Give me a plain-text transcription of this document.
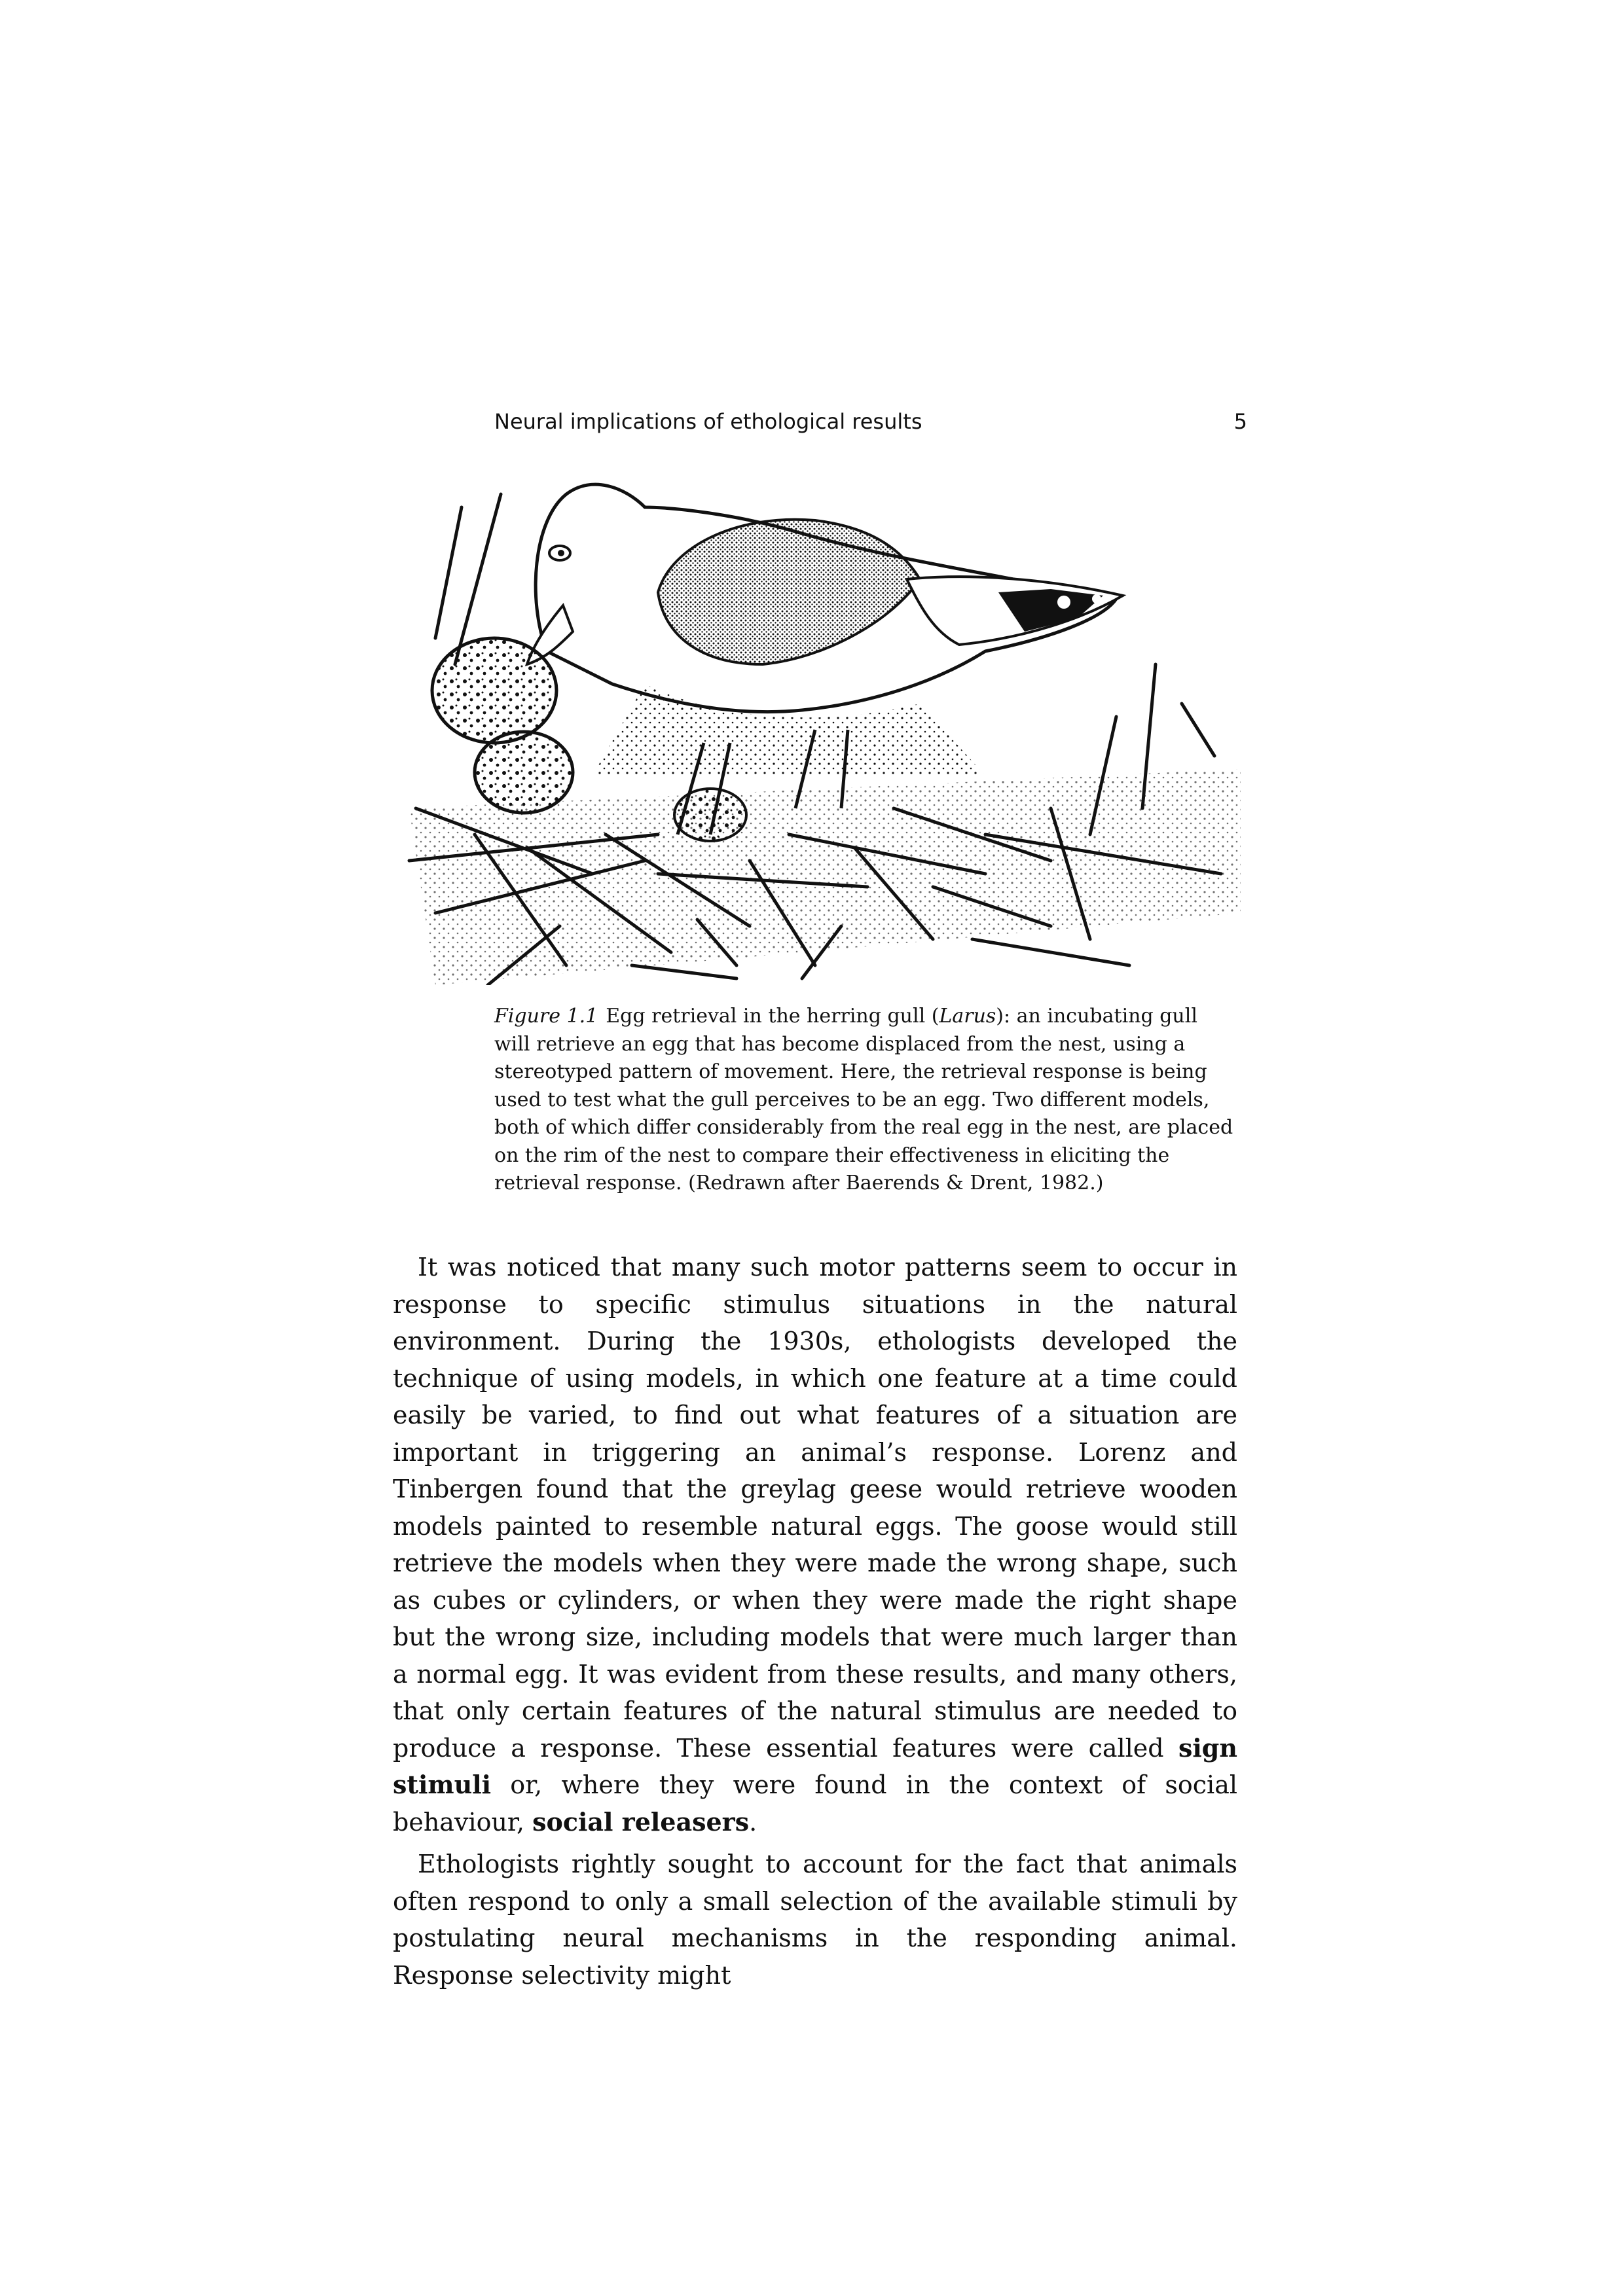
Neural implications of ethological results	5
Figure 1.1 Egg retrieval in the herring gull (Larus): an incubating gull will retrieve an egg that has become displaced from the nest, using a stereotyped pattern of movement. Here, the retrieval response is being used to test what the gull perceives to be an egg. Two different models, both of which differ considerably from the real egg in the nest, are placed on the rim of the nest to compare their effectiveness in eliciting the retrieval response. (Redrawn after Baerends & Drent, 1982.)

It was noticed that many such motor patterns seem to occur in response to specific stimulus situations in the natural environment. During the 1930s, ethologists developed the technique of using models, in which one feature at a time could easily be varied, to find out what features of a situation are important in triggering an animal’s response. Lorenz and Tinbergen found that the greylag geese would retrieve wooden models painted to resemble natural eggs. The goose would still retrieve the models when they were made the wrong shape, such as cubes or cylinders, or when they were made the right shape but the wrong size, including models that were much larger than a normal egg. It was evident from these results, and many others, that only certain features of the natural stimulus are needed to produce a response. These essential features were called sign stimuli or, where they were found in the context of social behaviour, social releasers.

Ethologists rightly sought to account for the fact that animals often respond to only a small selection of the available stimuli by postulating neural mechanisms in the responding animal. Response selectivity might
